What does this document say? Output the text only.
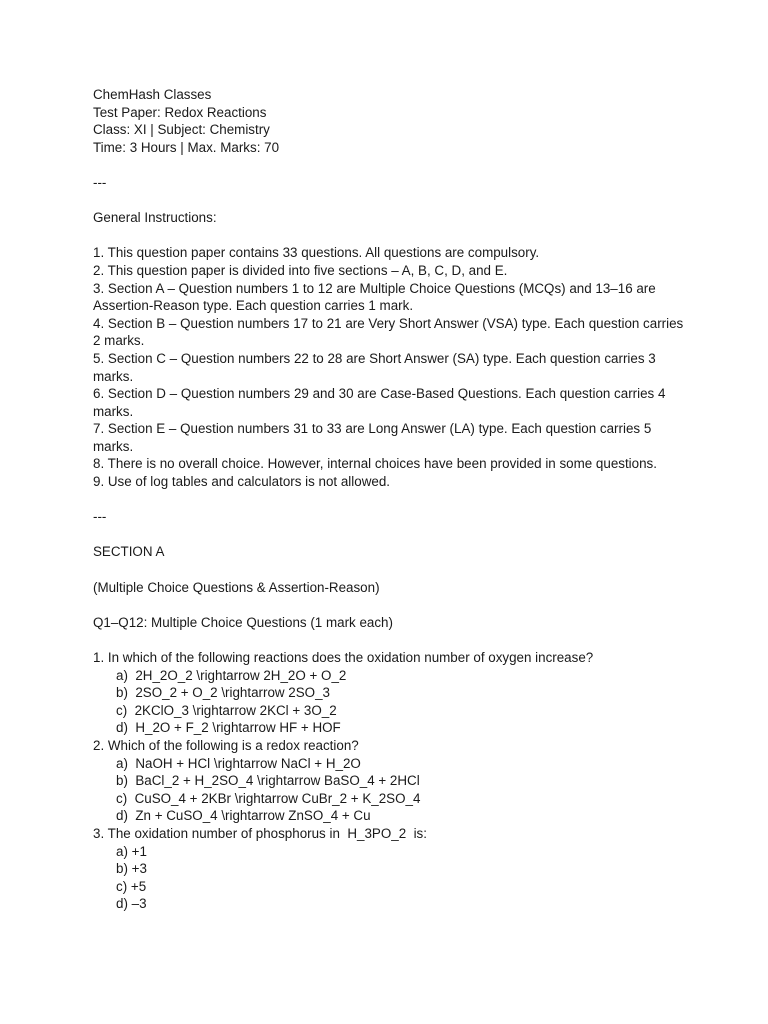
ChemHash Classes
Test Paper: Redox Reactions
Class: XI | Subject: Chemistry
Time: 3 Hours | Max. Marks: 70
---
General Instructions:
1. This question paper contains 33 questions. All questions are compulsory.
2. This question paper is divided into five sections – A, B, C, D, and E.
3. Section A – Question numbers 1 to 12 are Multiple Choice Questions (MCQs) and 13–16 are Assertion-Reason type. Each question carries 1 mark.
4. Section B – Question numbers 17 to 21 are Very Short Answer (VSA) type. Each question carries 2 marks.
5. Section C – Question numbers 22 to 28 are Short Answer (SA) type. Each question carries 3 marks.
6. Section D – Question numbers 29 and 30 are Case-Based Questions. Each question carries 4 marks.
7. Section E – Question numbers 31 to 33 are Long Answer (LA) type. Each question carries 5 marks.
8. There is no overall choice. However, internal choices have been provided in some questions.
9. Use of log tables and calculators is not allowed.
---
SECTION A
(Multiple Choice Questions & Assertion-Reason)
Q1–Q12: Multiple Choice Questions (1 mark each)
1. In which of the following reactions does the oxidation number of oxygen increase?
a)  2H_2O_2 \rightarrow 2H_2O + O_2
b)  2SO_2 + O_2 \rightarrow 2SO_3
c)  2KClO_3 \rightarrow 2KCl + 3O_2
d)  H_2O + F_2 \rightarrow HF + HOF
2. Which of the following is a redox reaction?
a)  NaOH + HCl \rightarrow NaCl + H_2O
b)  BaCl_2 + H_2SO_4 \rightarrow BaSO_4 + 2HCl
c)  CuSO_4 + 2KBr \rightarrow CuBr_2 + K_2SO_4
d)  Zn + CuSO_4 \rightarrow ZnSO_4 + Cu
3. The oxidation number of phosphorus in  H_3PO_2  is:
a) +1
b) +3
c) +5
d) –3
